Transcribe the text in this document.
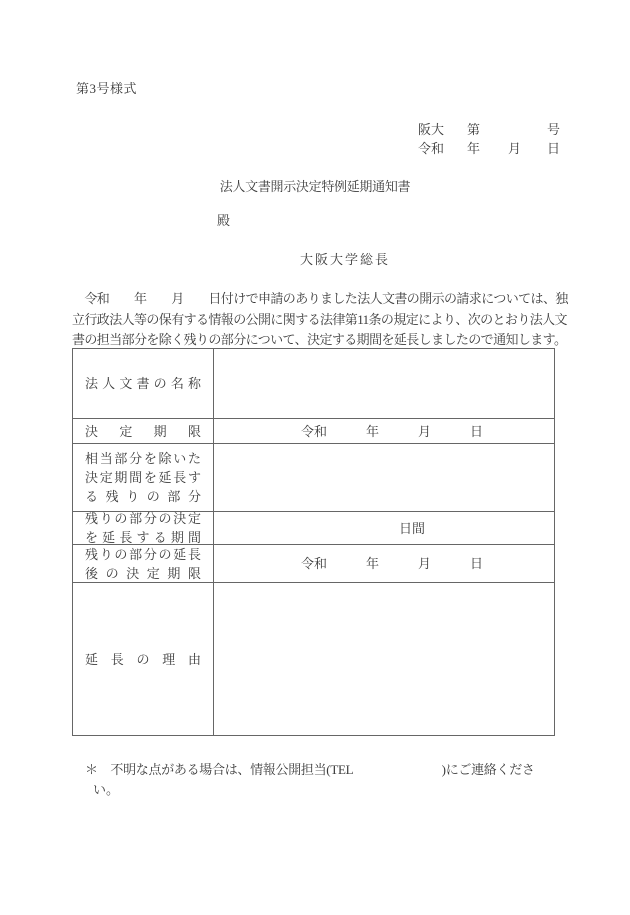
第3号様式
阪大 第	号
令和 年 月 日
法人文書開示決定特例延期通知書
殿
大阪大学総長
　令和　　年　　月　　日付けで申請のありました法人文書の開示の請求については、独
立行政法人等の保有する情報の公開に関する法律第11条の規定により、次のとおり法人文
書の担当部分を除く残りの部分について、決定する期間を延長しましたので通知します。
法人文書の名称
決定期限	令和　　　年　　　月　　　日
相当部分を除いた決定期間を延長する残りの部分
残りの部分の決定を延長する期間
日間
残りの部分の延長後の決定期限
令和　　　年　　　月　　　日
延長の理由
＊　不明な点がある場合は、情報公開担当(TEL　　　　　　　)にご連絡くださ
い。
